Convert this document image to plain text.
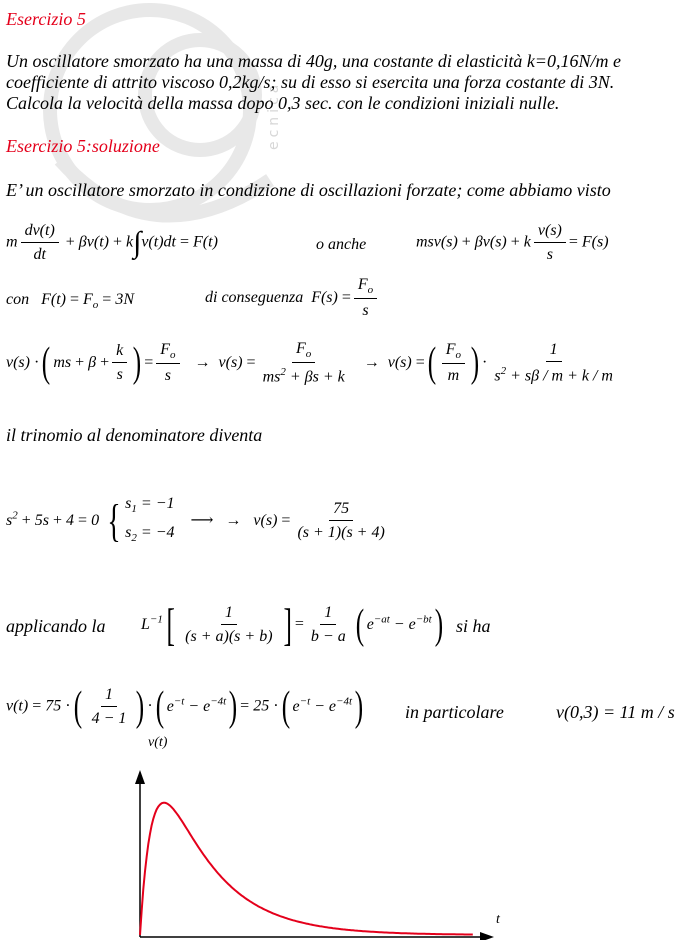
ecnica
Esercizio 5
Un oscillatore smorzato ha una massa di 40g, una costante di elasticità k=0,16N/m e
coefficiente di attrito viscoso 0,2kg/s; su di esso si esercita una forza costante di 3N.
Calcola la velocità della massa dopo 0,3 sec. con le condizioni iniziali nulle.
Esercizio 5:soluzione
E’ un oscillatore smorzato in condizione di oscillazioni forzate; come abbiamo visto
m $\frac{dv(t)}{dt} + \beta v(t) + k\int v(t)dt = F(t)$	o anche	msv(s) + βv(s) + k $\frac{v(s)}{s} = F(s)$
con $F(t) = F_o = 3N$	di conseguenza $F(s) = \frac{F_o}{s}$
v(s) ·( ms + $\beta + \frac{k}{s}$ ) = $\frac{F_o}{s} \to v(s) = \frac{F_o}{ms^2 + \beta s + k} \to v(s)$ =( $\frac{F_o}{m}$ ) · $\frac{1}{s^2 + s\beta / m + k / m}$
il trinomio al denominatore diventa
$s^2 + 5s + 4 = 0$ { $s_1 = -1$
$s_2 = -4$
⟶ → $v(s) = \frac{75}{(s + 1)(s + 4)}$
applicando la $L^{-1}[ \frac{1}{(s + a)(s + b)}$ ] = $\frac{1}{b - a}$ ( $e^{-at} - e^{-bt}$) si ha
v(t) = 75 ·( $\frac{1}{4 - 1}$ ) ·( $e^{-t} - e^{-4t}) = 25$ ·( $e^{-t} - e^{-4t}$) in particolare	v(0,3) = 11 m / s
v(t)
t
